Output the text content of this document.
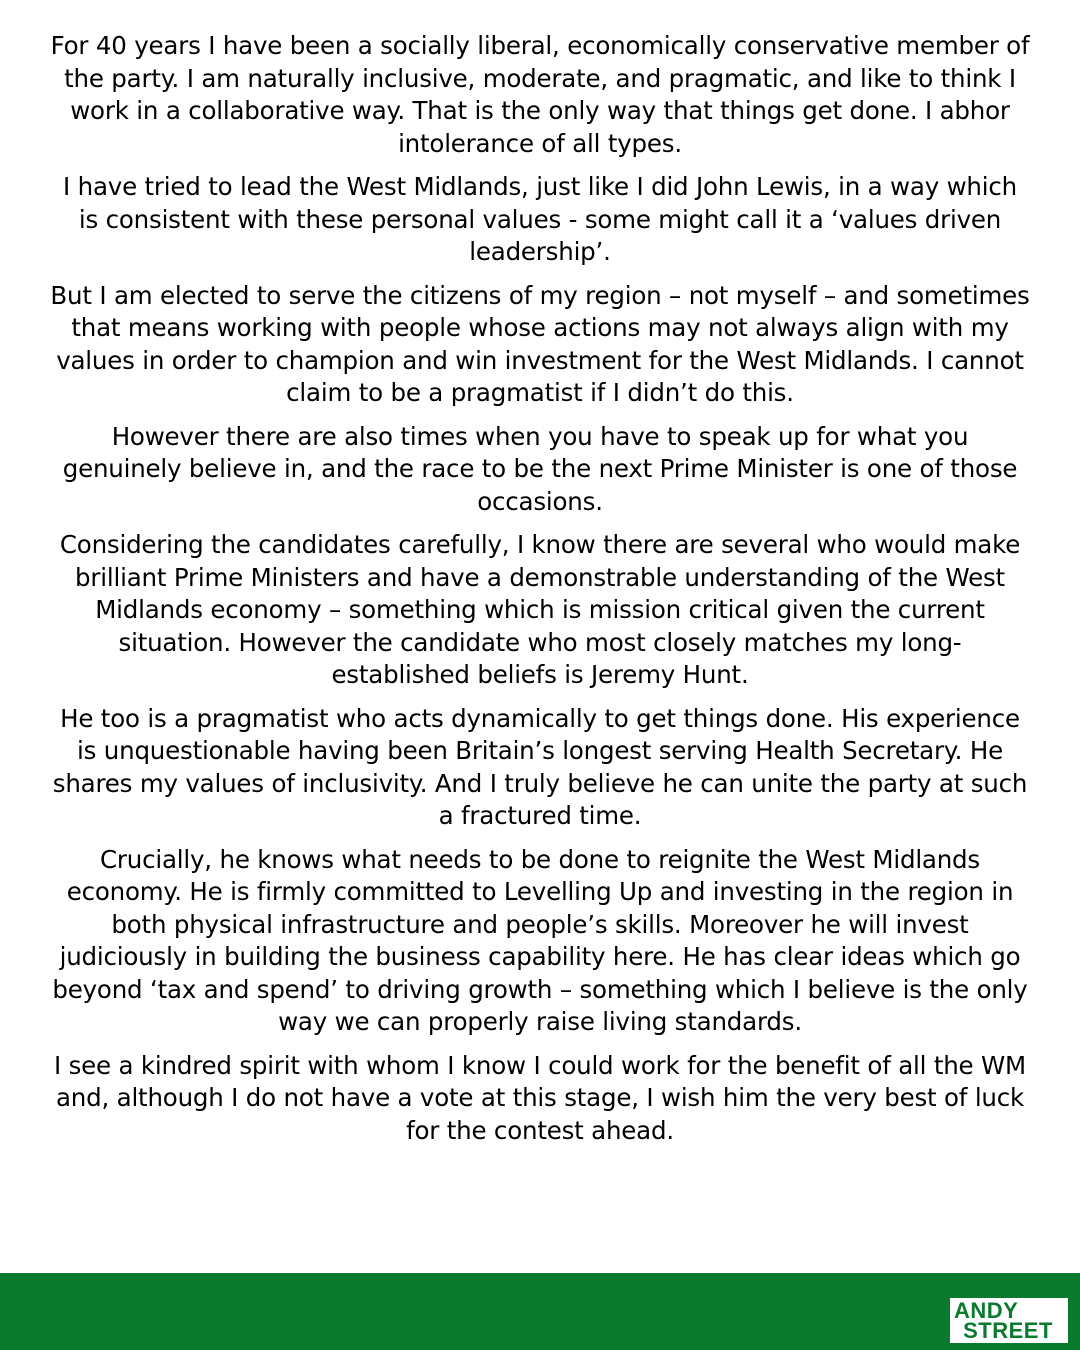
For 40 years I have been a socially liberal, economically conservative member of the party. I am naturally inclusive, moderate, and pragmatic, and like to think I work in a collaborative way. That is the only way that things get done. I abhor intolerance of all types.

I have tried to lead the West Midlands, just like I did John Lewis, in a way which is consistent with these personal values - some might call it a ‘values driven leadership’.

But I am elected to serve the citizens of my region – not myself – and sometimes that means working with people whose actions may not always align with my values in order to champion and win investment for the West Midlands. I cannot claim to be a pragmatist if I didn’t do this.

However there are also times when you have to speak up for what you genuinely believe in, and the race to be the next Prime Minister is one of those occasions.

Considering the candidates carefully, I know there are several who would make brilliant Prime Ministers and have a demonstrable understanding of the West Midlands economy – something which is mission critical given the current situation. However the candidate who most closely matches my long-established beliefs is Jeremy Hunt.

He too is a pragmatist who acts dynamically to get things done. His experience is unquestionable having been Britain’s longest serving Health Secretary. He shares my values of inclusivity. And I truly believe he can unite the party at such a fractured time.

Crucially, he knows what needs to be done to reignite the West Midlands economy. He is firmly committed to Levelling Up and investing in the region in both physical infrastructure and people’s skills. Moreover he will invest judiciously in building the business capability here. He has clear ideas which go beyond ‘tax and spend’ to driving growth – something which I believe is the only way we can properly raise living standards.

I see a kindred spirit with whom I know I could work for the benefit of all the WM and, although I do not have a vote at this stage, I wish him the very best of luck for the contest ahead.

ANDY
STREET
